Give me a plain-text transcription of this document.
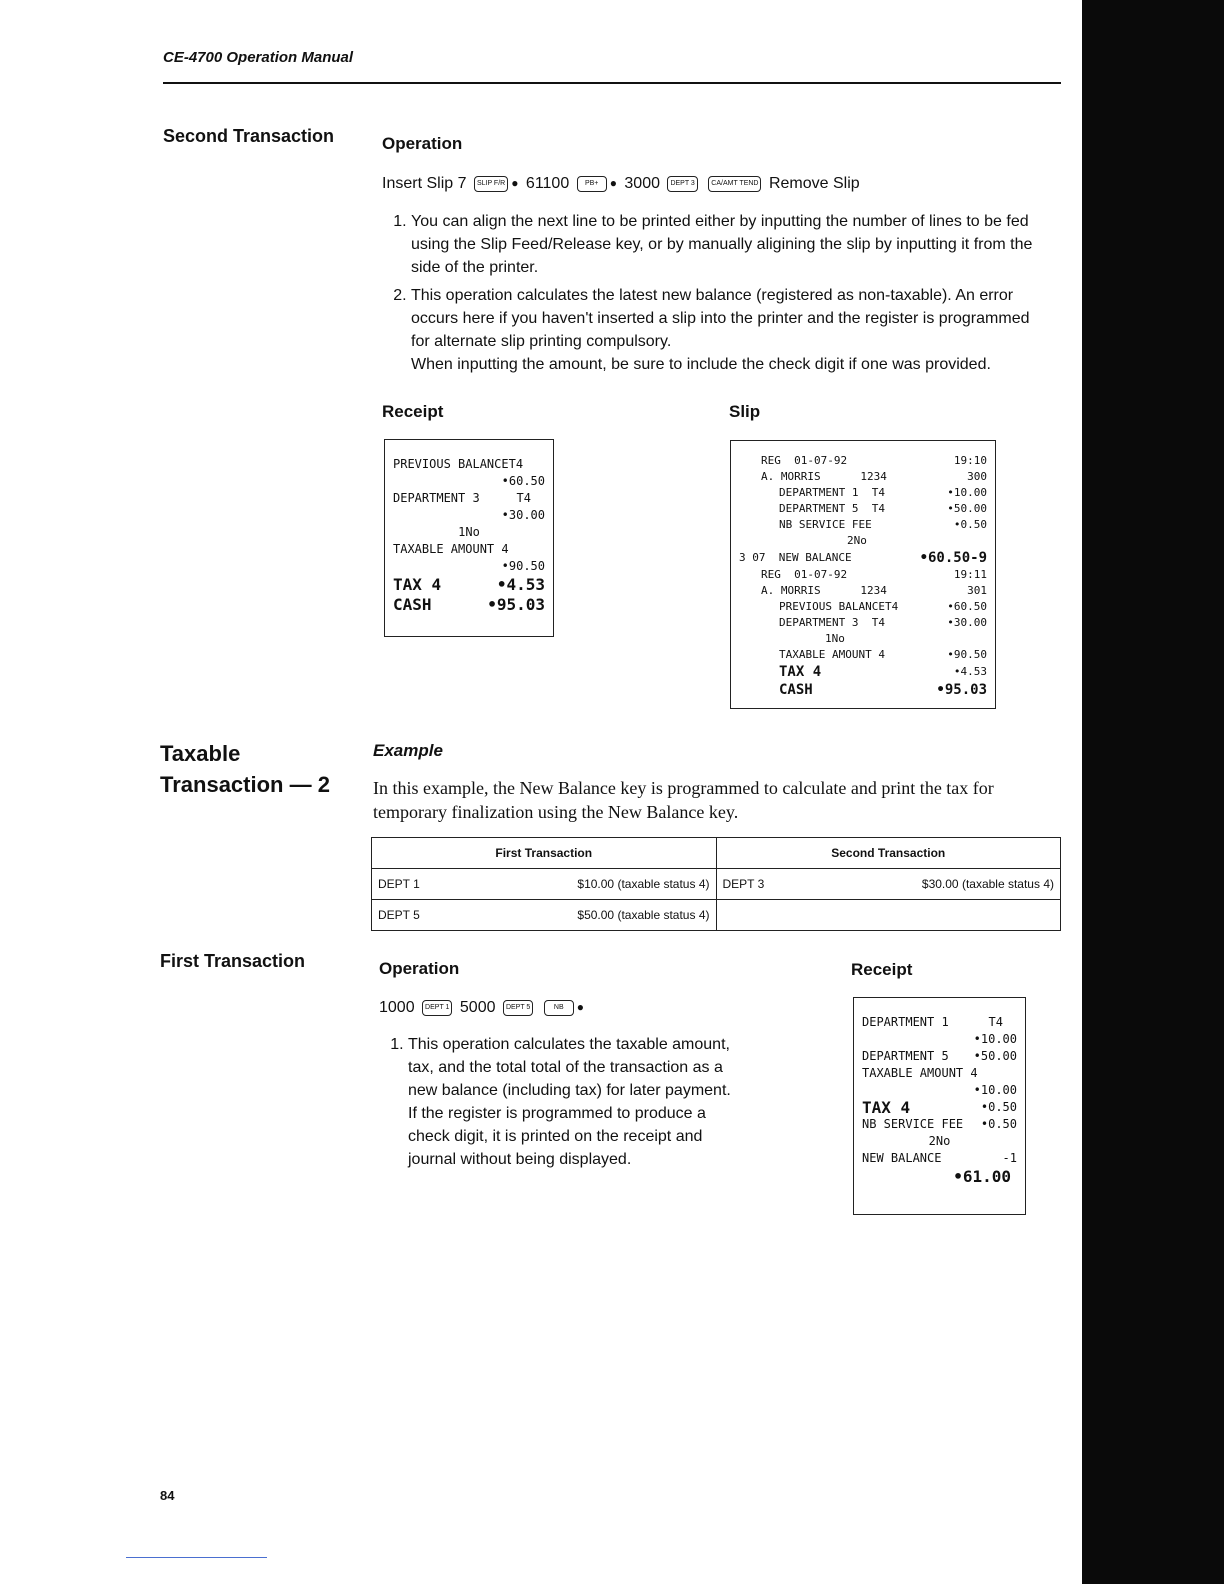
CE-4700 Operation Manual
Second Transaction	Operation
Insert Slip 7 SLIP F/R ● 61100 PB+ ● 3000 DEPT 3 CA/AMT TEND Remove Slip
1. You can align the next line to be printed either by inputting the number of lines to be fed using the Slip Feed/Release key, or by manually aligining the slip by inputting it from the side of the printer.
2. This operation calculates the latest new balance (registered as non-taxable). An error occurs here if you haven't inserted a slip into the printer and the register is programmed for alternate slip printing compulsory.
When inputting the amount, be sure to include the check digit if one was provided.
Receipt	Slip
PREVIOUS BALANCET4
•60.50
DEPARTMENT 3	T4
•30.00
1No
TAXABLE AMOUNT 4
•90.50
TAX 4	•4.53
CASH	•95.03
REG  01-07-92	19:10
A. MORRIS      1234	300
DEPARTMENT 1  T4	•10.00
DEPARTMENT 5  T4	•50.00
NB SERVICE FEE	•0.50
2No
3 07  NEW BALANCE	•60.50-9
REG  01-07-92	19:11
A. MORRIS      1234	301
PREVIOUS BALANCET4	•60.50
DEPARTMENT 3  T4	•30.00
1No
TAXABLE AMOUNT 4	•90.50
TAX 4	•4.53
CASH	•95.03
Taxable
Transaction — 2
Example
In this example, the New Balance key is programmed to calculate and print the tax for temporary finalization using the New Balance key.
First Transaction	Second Transaction

DEPT 1 $10.00 (taxable status 4)	DEPT 3 $30.00 (taxable status 4)

DEPT 5 $50.00 (taxable status 4)	

First Transaction	Operation	Receipt
1000 DEPT 1 5000 DEPT 5	NB ●
1. This operation calculates the taxable amount, tax, and the total total of the transaction as a new balance (including tax) for later payment. If the register is programmed to produce a check digit, it is printed on the receipt and journal without being displayed.
DEPARTMENT 1	T4
•10.00
DEPARTMENT 5 •50.00
TAXABLE AMOUNT 4
•10.00
TAX 4	•0.50
NB SERVICE FEE •0.50
2No
NEW BALANCE	-1
•61.00
84
